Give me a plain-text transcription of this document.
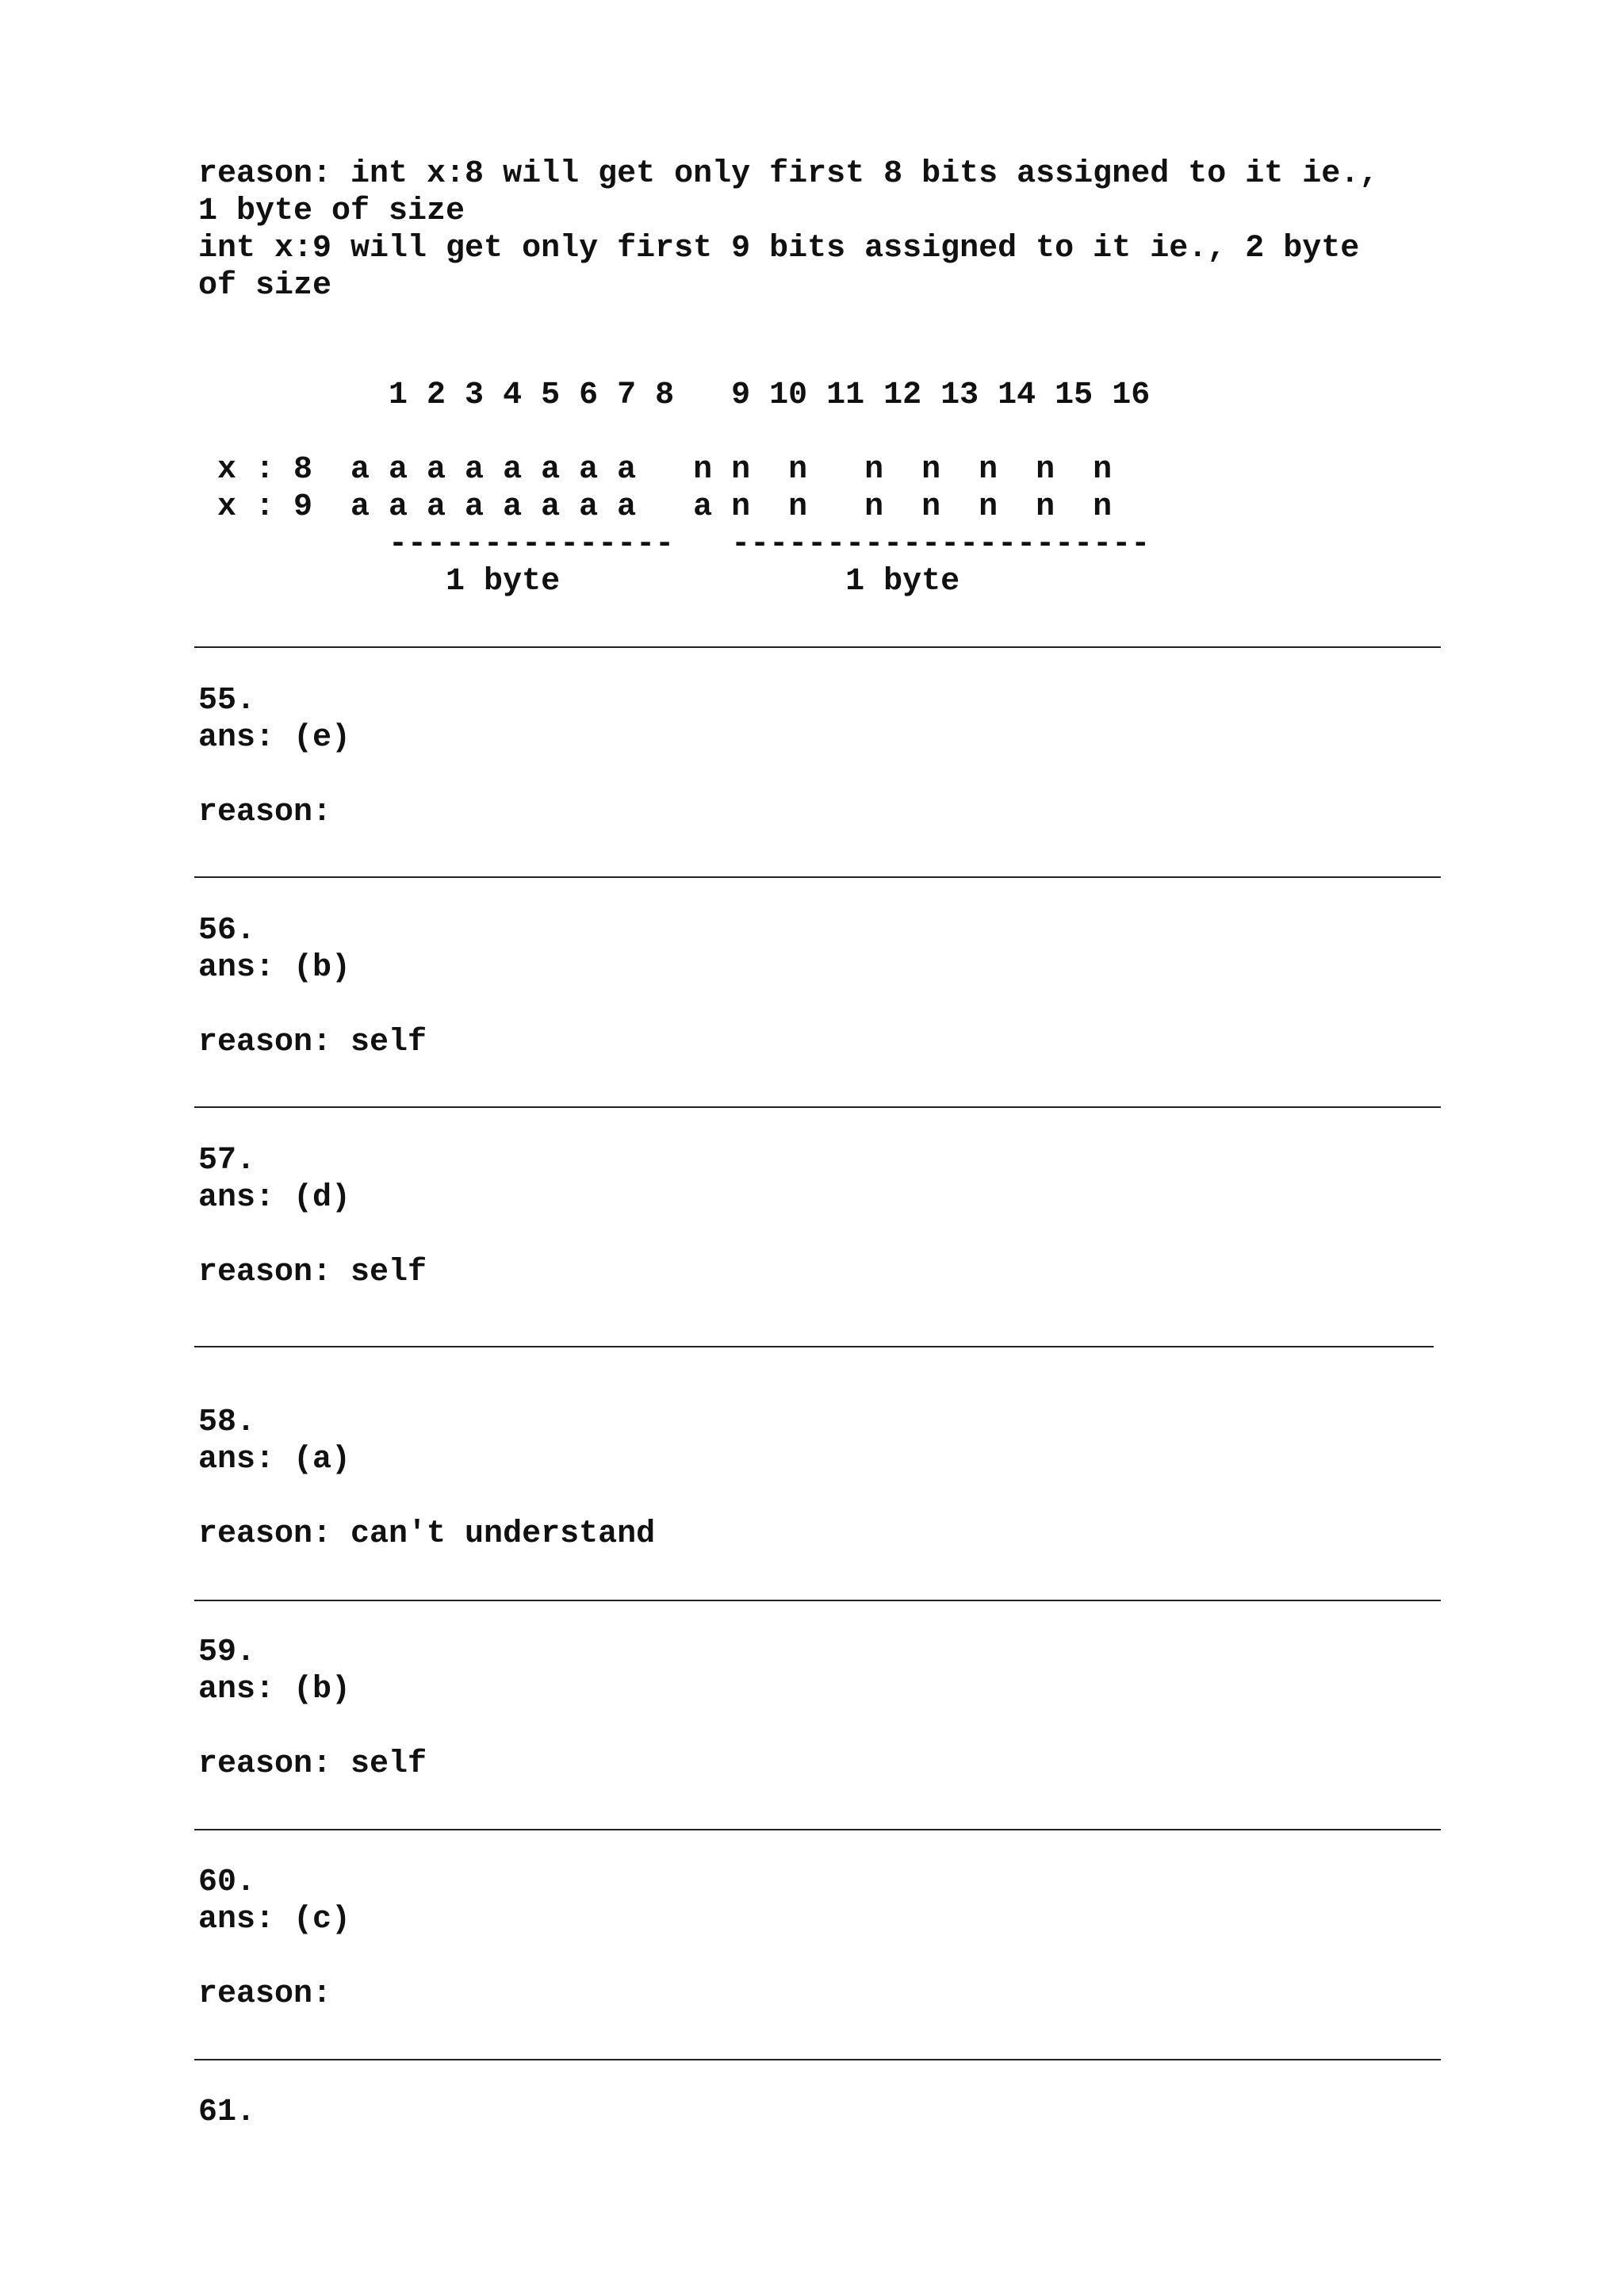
reason: int x:8 will get only first 8 bits assigned to it ie.,
1 byte of size
int x:9 will get only first 9 bits assigned to it ie., 2 byte
of size
1 2 3 4 5 6 7 8   9 10 11 12 13 14 15 16
x : 8  a a a a a a a a   n n  n   n  n  n  n  n
x : 9  a a a a a a a a   a n  n   n  n  n  n  n
---------------   ----------------------
1 byte               1 byte
55.
ans: (e)
reason:
56.
ans: (b)
reason: self
57.
ans: (d)
reason: self
58.
ans: (a)
reason: can't understand
59.
ans: (b)
reason: self
60.
ans: (c)
reason:
61.
